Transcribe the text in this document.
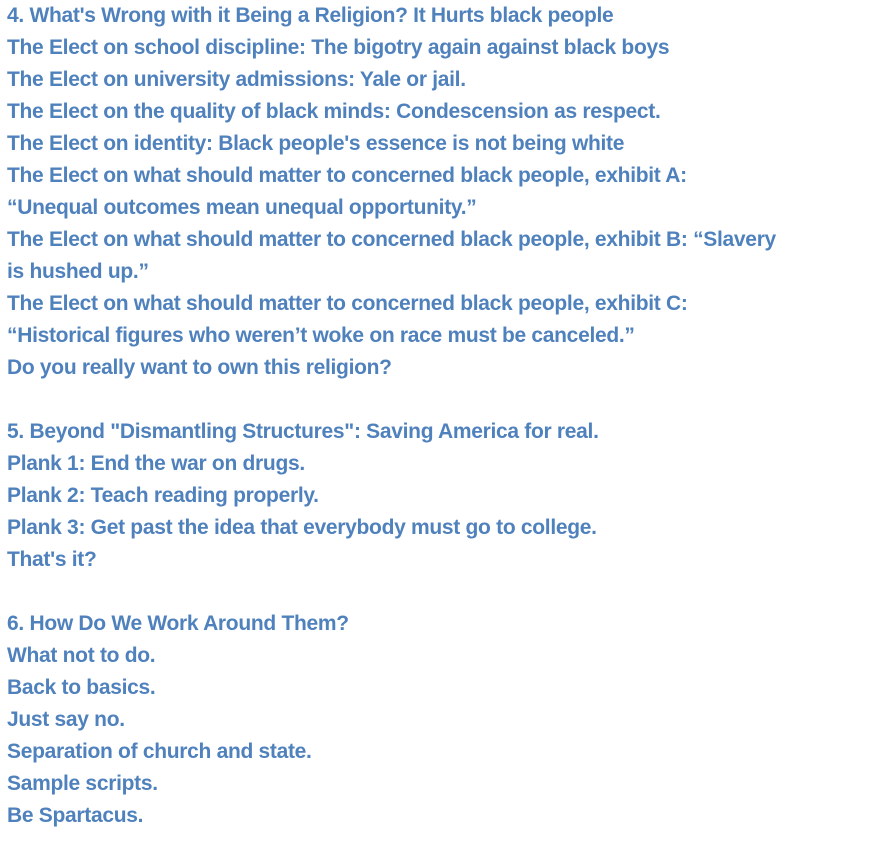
4. What's Wrong with it Being a Religion? It Hurts black people
The Elect on school discipline: The bigotry again against black boys
The Elect on university admissions: Yale or jail.
The Elect on the quality of black minds: Condescension as respect.
The Elect on identity: Black people's essence is not being white
The Elect on what should matter to concerned black people, exhibit A:
“Unequal outcomes mean unequal opportunity.”
The Elect on what should matter to concerned black people, exhibit B: “Slavery
is hushed up.”
The Elect on what should matter to concerned black people, exhibit C:
“Historical figures who weren’t woke on race must be canceled.”
Do you really want to own this religion?
5. Beyond "Dismantling Structures": Saving America for real.
Plank 1: End the war on drugs.
Plank 2: Teach reading properly.
Plank 3: Get past the idea that everybody must go to college.
That's it?
6. How Do We Work Around Them?
What not to do.
Back to basics.
Just say no.
Separation of church and state.
Sample scripts.
Be Spartacus.
